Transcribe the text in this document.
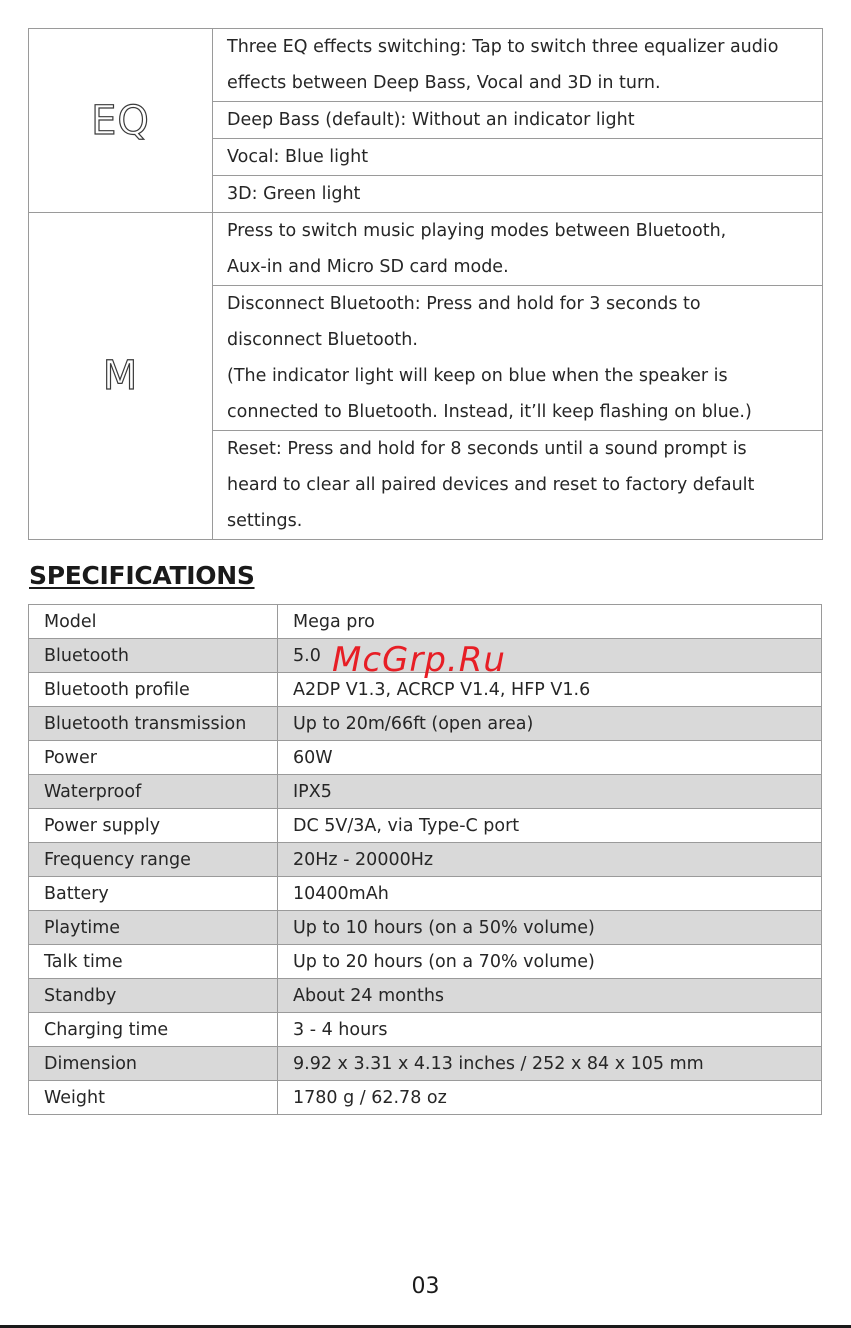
EQ	Three EQ effects switching: Tap to switch three equalizer audio
effects between Deep Bass, Vocal and 3D in turn.

	Deep Bass (default): Without an indicator light

	Vocal: Blue light

	3D: Green light

M	Press to switch music playing modes between Bluetooth,
Aux-in and Micro SD card mode.

	Disconnect Bluetooth: Press and hold for 3 seconds to
disconnect Bluetooth.
(The indicator light will keep on blue when the speaker is
connected to Bluetooth. Instead, it’ll keep flashing on blue.)

	Reset: Press and hold for 8 seconds until a sound prompt is
heard to clear all paired devices and reset to factory default
settings.
SPECIFICATIONS
Model	Mega pro
Bluetooth	5.0
Bluetooth profile	A2DP V1.3, ACRCP V1.4, HFP V1.6
Bluetooth transmission	Up to 20m/66ft (open area)
Power	60W
Waterproof	IPX5
Power supply	DC 5V/3A, via Type-C port
Frequency range	20Hz - 20000Hz
Battery	10400mAh
Playtime	Up to 10 hours (on a 50% volume)
Talk time	Up to 20 hours (on a 70% volume)
Standby	About 24 months
Charging time	3 - 4 hours
Dimension	9.92 x 3.31 x 4.13 inches / 252 x 84 x 105 mm
Weight	1780 g / 62.78 oz
McGrp.Ru
03
